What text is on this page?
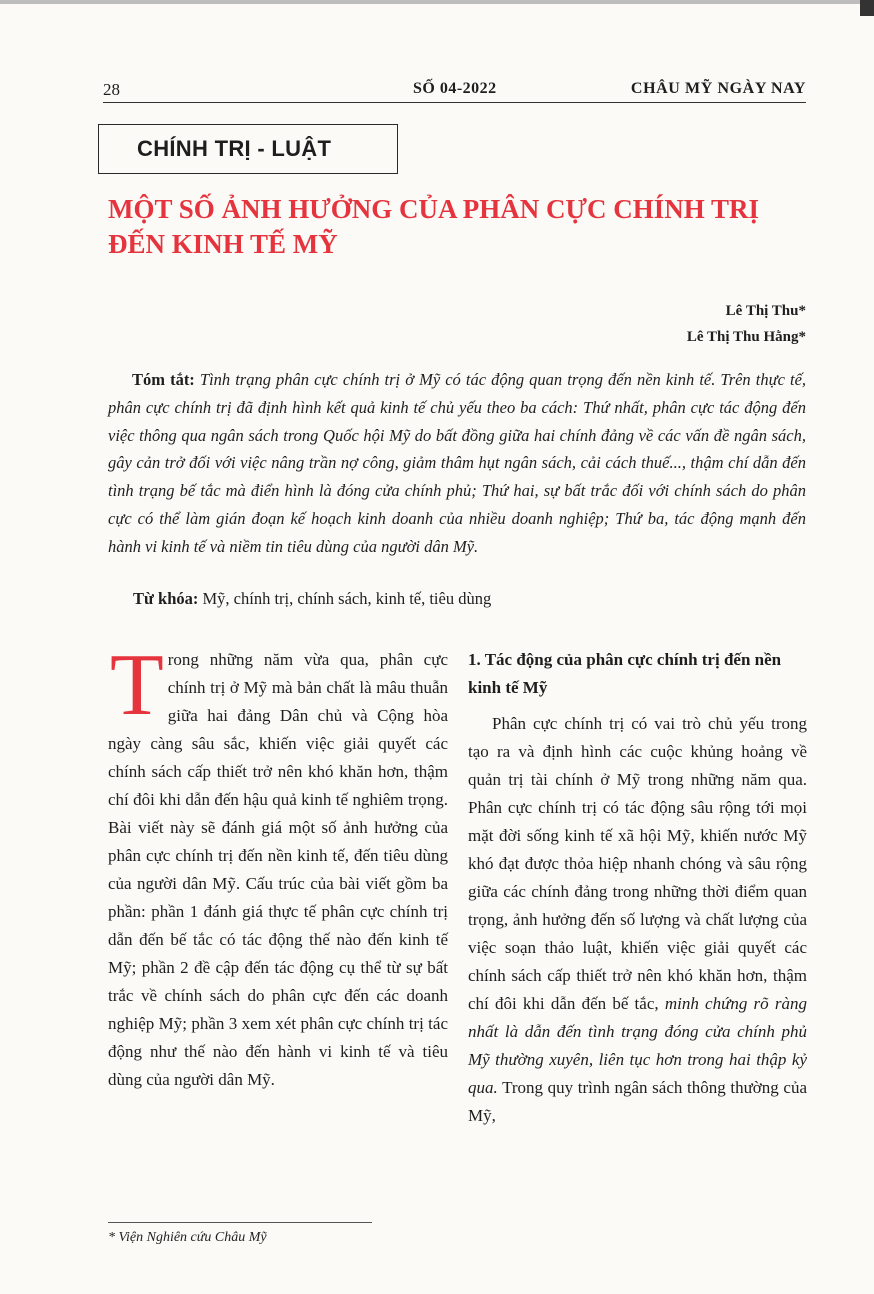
28	SỐ 04-2022	CHÂU MỸ NGÀY NAY
CHÍNH TRỊ - LUẬT
MỘT SỐ ẢNH HƯỞNG CỦA PHÂN CỰC CHÍNH TRỊ ĐẾN KINH TẾ MỸ
Lê Thị Thu*
Lê Thị Thu Hằng*

Tóm tắt: Tình trạng phân cực chính trị ở Mỹ có tác động quan trọng đến nền kinh tế. Trên thực tế, phân cực chính trị đã định hình kết quả kinh tế chủ yếu theo ba cách: Thứ nhất, phân cực tác động đến việc thông qua ngân sách trong Quốc hội Mỹ do bất đồng giữa hai chính đảng về các vấn đề ngân sách, gây cản trở đối với việc nâng trần nợ công, giảm thâm hụt ngân sách, cải cách thuế..., thậm chí dẫn đến tình trạng bế tắc mà điển hình là đóng cửa chính phủ; Thứ hai, sự bất trắc đối với chính sách do phân cực có thể làm gián đoạn kế hoạch kinh doanh của nhiều doanh nghiệp; Thứ ba, tác động mạnh đến hành vi kinh tế và niềm tin tiêu dùng của người dân Mỹ.

Từ khóa: Mỹ, chính trị, chính sách, kinh tế, tiêu dùng

Trong những năm vừa qua, phân cực chính trị ở Mỹ mà bản chất là mâu thuẫn giữa hai đảng Dân chủ và Cộng hòa ngày càng sâu sắc, khiến việc giải quyết các chính sách cấp thiết trở nên khó khăn hơn, thậm chí đôi khi dẫn đến hậu quả kinh tế nghiêm trọng. Bài viết này sẽ đánh giá một số ảnh hưởng của phân cực chính trị đến nền kinh tế, đến tiêu dùng của người dân Mỹ. Cấu trúc của bài viết gồm ba phần: phần 1 đánh giá thực tế phân cực chính trị dẫn đến bế tắc có tác động thế nào đến kinh tế Mỹ; phần 2 đề cập đến tác động cụ thể từ sự bất trắc về chính sách do phân cực đến các doanh nghiệp Mỹ; phần 3 xem xét phân cực chính trị tác động như thế nào đến hành vi kinh tế và tiêu dùng của người dân Mỹ.

1. Tác động của phân cực chính trị đến nền kinh tế Mỹ

Phân cực chính trị có vai trò chủ yếu trong tạo ra và định hình các cuộc khủng hoảng về quản trị tài chính ở Mỹ trong những năm qua. Phân cực chính trị có tác động sâu rộng tới mọi mặt đời sống kinh tế xã hội Mỹ, khiến nước Mỹ khó đạt được thỏa hiệp nhanh chóng và sâu rộng giữa các chính đảng trong những thời điểm quan trọng, ảnh hưởng đến số lượng và chất lượng của việc soạn thảo luật, khiến việc giải quyết các chính sách cấp thiết trở nên khó khăn hơn, thậm chí đôi khi dẫn đến bế tắc, minh chứng rõ ràng nhất là dẫn đến tình trạng đóng cửa chính phủ Mỹ thường xuyên, liên tục hơn trong hai thập kỷ qua. Trong quy trình ngân sách thông thường của Mỹ,

* Viện Nghiên cứu Châu Mỹ
